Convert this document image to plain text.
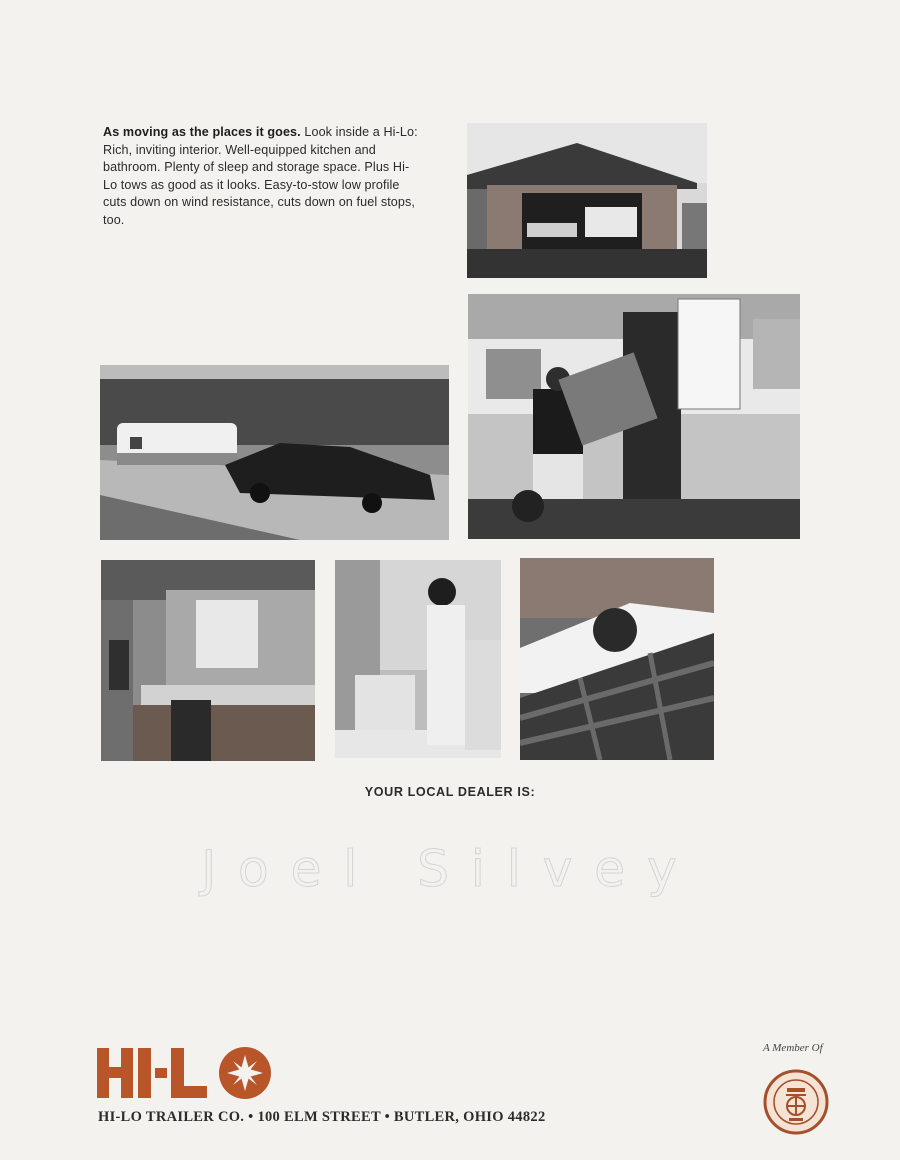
As moving as the places it goes. Look inside a Hi-Lo: Rich, inviting interior. Well-equipped kitchen and bathroom. Plenty of sleep and storage space. Plus Hi-Lo tows as good as it looks. Easy-to-stow low profile cuts down on wind resistance, cuts down on fuel stops, too.
YOUR LOCAL DEALER IS:
Joel Silvey
HI-LO TRAILER CO. • 100 ELM STREET • BUTLER, OHIO 44822
A Member Of
